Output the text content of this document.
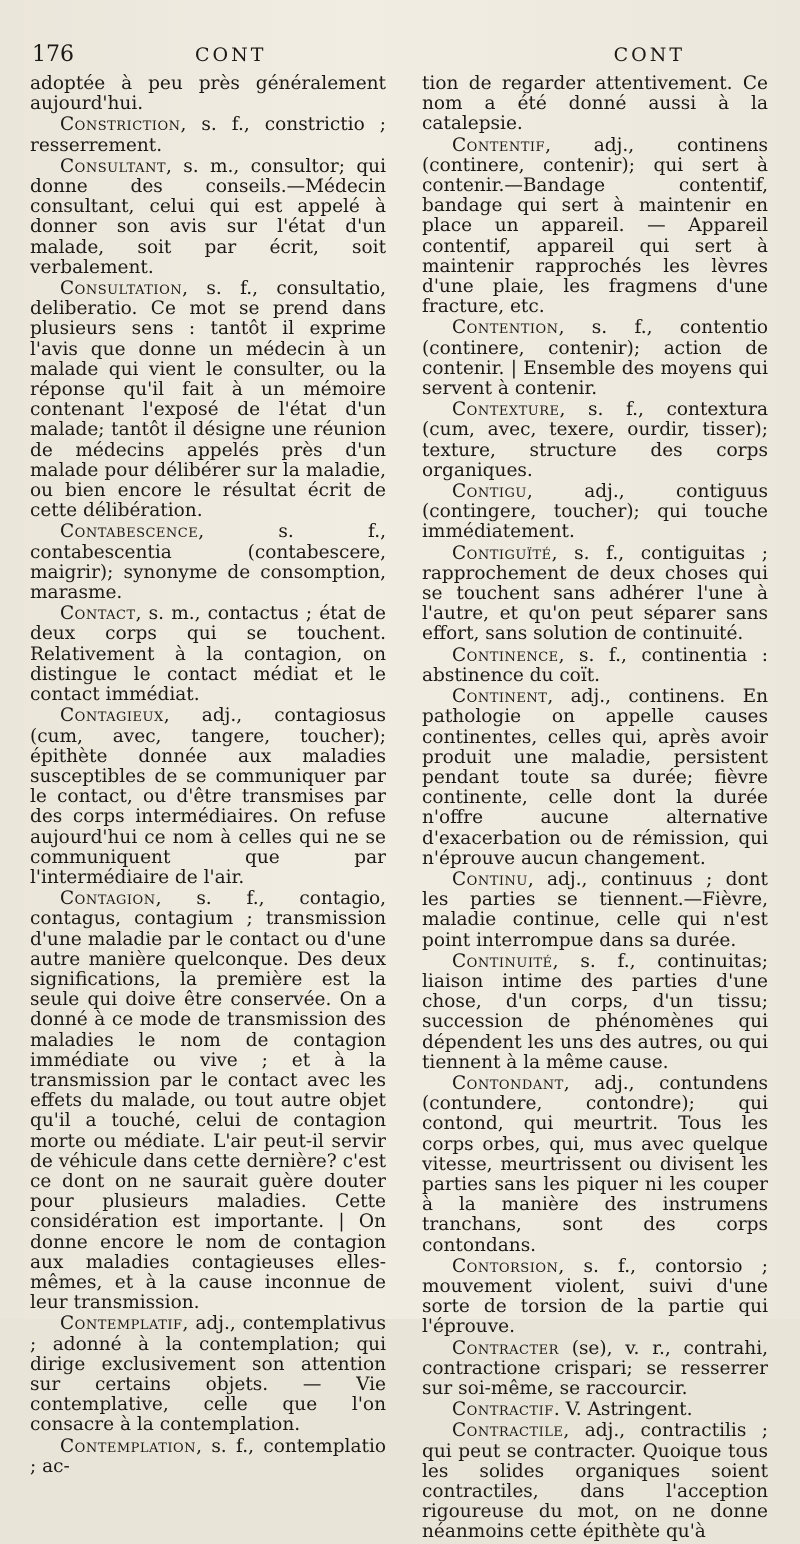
176	CONT	CONT

adoptée à peu près généralement aujourd'hui.

Constriction, s. f., constrictio ; resserrement.

Consultant, s. m., consultor; qui donne des conseils.—Médecin consultant, celui qui est appelé à donner son avis sur l'état d'un malade, soit par écrit, soit verbalement.

Consultation, s. f., consultatio, deliberatio. Ce mot se prend dans plusieurs sens : tantôt il exprime l'avis que donne un médecin à un malade qui vient le consulter, ou la réponse qu'il fait à un mémoire contenant l'exposé de l'état d'un malade; tantôt il désigne une réunion de médecins appelés près d'un malade pour délibérer sur la maladie, ou bien encore le résultat écrit de cette délibération.

Contabescence, s. f., contabescentia (contabescere, maigrir); synonyme de consomption, marasme.

Contact, s. m., contactus ; état de deux corps qui se touchent. Relativement à la contagion, on distingue le contact médiat et le contact immédiat.

Contagieux, adj., contagiosus (cum, avec, tangere, toucher); épithète donnée aux maladies susceptibles de se communiquer par le contact, ou d'être transmises par des corps intermédiaires. On refuse aujourd'hui ce nom à celles qui ne se communiquent que par l'intermédiaire de l'air.

Contagion, s. f., contagio, contagus, contagium ; transmission d'une maladie par le contact ou d'une autre manière quelconque. Des deux significations, la première est la seule qui doive être conservée. On a donné à ce mode de transmission des maladies le nom de contagion immédiate ou vive ; et à la transmission par le contact avec les effets du malade, ou tout autre objet qu'il a touché, celui de contagion morte ou médiate. L'air peut-il servir de véhicule dans cette dernière? c'est ce dont on ne saurait guère douter pour plusieurs maladies. Cette considération est importante. | On donne encore le nom de contagion aux maladies contagieuses elles-mêmes, et à la cause inconnue de leur transmission.

Contemplatif, adj., contemplativus ; adonné à la contemplation; qui dirige exclusivement son attention sur certains objets. — Vie contemplative, celle que l'on consacre à la contemplation.

Contemplation, s. f., contemplatio ; ac-

tion de regarder attentivement. Ce nom a été donné aussi à la catalepsie.

Contentif, adj., continens (continere, contenir); qui sert à contenir.—Bandage contentif, bandage qui sert à maintenir en place un appareil. — Appareil contentif, appareil qui sert à maintenir rapprochés les lèvres d'une plaie, les fragmens d'une fracture, etc.

Contention, s. f., contentio (continere, contenir); action de contenir. | Ensemble des moyens qui servent à contenir.

Contexture, s. f., contextura (cum, avec, texere, ourdir, tisser); texture, structure des corps organiques.

Contigu, adj., contiguus (contingere, toucher); qui touche immédiatement.

Contiguïté, s. f., contiguitas ; rapprochement de deux choses qui se touchent sans adhérer l'une à l'autre, et qu'on peut séparer sans effort, sans solution de continuité.

Continence, s. f., continentia : abstinence du coït.

Continent, adj., continens. En pathologie on appelle causes continentes, celles qui, après avoir produit une maladie, persistent pendant toute sa durée; fièvre continente, celle dont la durée n'offre aucune alternative d'exacerbation ou de rémission, qui n'éprouve aucun changement.

Continu, adj., continuus ; dont les parties se tiennent.—Fièvre, maladie continue, celle qui n'est point interrompue dans sa durée.

Continuité, s. f., continuitas; liaison intime des parties d'une chose, d'un corps, d'un tissu; succession de phénomènes qui dépendent les uns des autres, ou qui tiennent à la même cause.

Contondant, adj., contundens (contundere, contondre); qui contond, qui meurtrit. Tous les corps orbes, qui, mus avec quelque vitesse, meurtrissent ou divisent les parties sans les piquer ni les couper à la manière des instrumens tranchans, sont des corps contondans.

Contorsion, s. f., contorsio ; mouvement violent, suivi d'une sorte de torsion de la partie qui l'éprouve.

Contracter (se), v. r., contrahi, contractione crispari; se resserrer sur soi-même, se raccourcir.

Contractif. V. Astringent.

Contractile, adj., contractilis ; qui peut se contracter. Quoique tous les solides organiques soient contractiles, dans l'acception rigoureuse du mot, on ne donne néanmoins cette épithète qu'à
